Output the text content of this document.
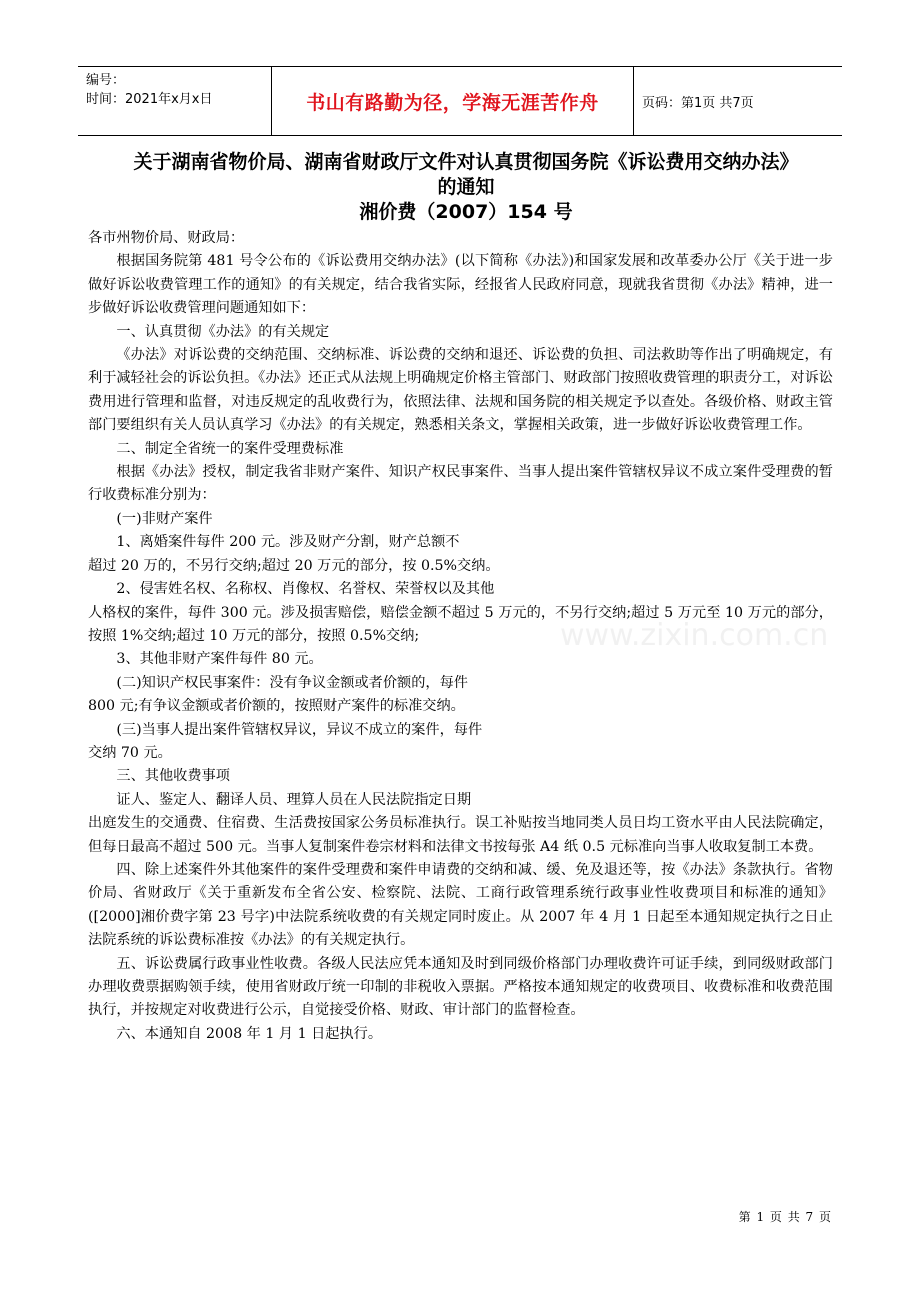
编号：
时间：2021年x月x日	书山有路勤为径，学海无涯苦作舟	页码：第1页 共7页
关于湖南省物价局、湖南省财政厅文件对认真贯彻国务院《诉讼费用交纳办法》
的通知
湘价费（2007）154 号
www.zixin.com.cn

各市州物价局、财政局：

根据国务院第 481 号令公布的《诉讼费用交纳办法》(以下简称《办法》)和国家发展和改革委办公厅《关于进一步做好诉讼收费管理工作的通知》的有关规定，结合我省实际，经报省人民政府同意，现就我省贯彻《办法》精神，进一步做好诉讼收费管理问题通知如下：

一、认真贯彻《办法》的有关规定

《办法》对诉讼费的交纳范围、交纳标准、诉讼费的交纳和退还、诉讼费的负担、司法救助等作出了明确规定，有利于减轻社会的诉讼负担。《办法》还正式从法规上明确规定价格主管部门、财政部门按照收费管理的职责分工，对诉讼费用进行管理和监督，对违反规定的乱收费行为，依照法律、法规和国务院的相关规定予以查处。各级价格、财政主管部门要组织有关人员认真学习《办法》的有关规定，熟悉相关条文，掌握相关政策，进一步做好诉讼收费管理工作。

二、制定全省统一的案件受理费标准

根据《办法》授权，制定我省非财产案件、知识产权民事案件、当事人提出案件管辖权异议不成立案件受理费的暂行收费标准分别为：

(一)非财产案件

1、离婚案件每件 200 元。涉及财产分割，财产总额不

超过 20 万的，不另行交纳;超过 20 万元的部分，按 0.5%交纳。

2、侵害姓名权、名称权、肖像权、名誉权、荣誉权以及其他

人格权的案件，每件 300 元。涉及损害赔偿，赔偿金额不超过 5 万元的，不另行交纳;超过 5 万元至 10 万元的部分，按照 1%交纳;超过 10 万元的部分，按照 0.5%交纳;

3、其他非财产案件每件 80 元。

(二)知识产权民事案件：没有争议金额或者价额的，每件

800 元;有争议金额或者价额的，按照财产案件的标准交纳。

(三)当事人提出案件管辖权异议，异议不成立的案件，每件

交纳 70 元。

三、其他收费事项

证人、鉴定人、翻译人员、理算人员在人民法院指定日期

出庭发生的交通费、住宿费、生活费按国家公务员标准执行。误工补贴按当地同类人员日均工资水平由人民法院确定，但每日最高不超过 500 元。当事人复制案件卷宗材料和法律文书按每张 A4 纸 0.5 元标准向当事人收取复制工本费。

四、除上述案件外其他案件的案件受理费和案件申请费的交纳和减、缓、免及退还等，按《办法》条款执行。省物价局、省财政厅《关于重新发布全省公安、检察院、法院、工商行政管理系统行政事业性收费项目和标准的通知》([2000]湘价费字第 23 号字)中法院系统收费的有关规定同时废止。从 2007 年 4 月 1 日起至本通知规定执行之日止法院系统的诉讼费标准按《办法》的有关规定执行。

五、诉讼费属行政事业性收费。各级人民法应凭本通知及时到同级价格部门办理收费许可证手续，到同级财政部门办理收费票据购领手续，使用省财政厅统一印制的非税收入票据。严格按本通知规定的收费项目、收费标准和收费范围执行，并按规定对收费进行公示，自觉接受价格、财政、审计部门的监督检查。

六、本通知自 2008 年 1 月 1 日起执行。

第 1 页 共 7 页
